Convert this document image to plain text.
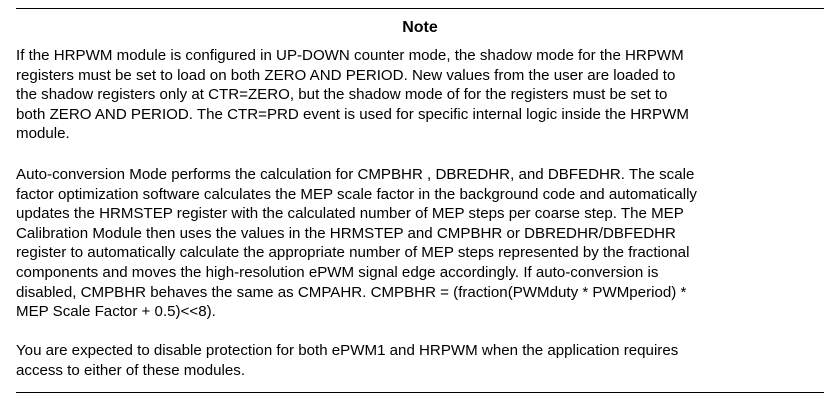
Note
If the HRPWM module is configured in UP-DOWN counter mode, the shadow mode for the HRPWM
registers must be set to load on both ZERO AND PERIOD. New values from the user are loaded to
the shadow registers only at CTR=ZERO, but the shadow mode of for the registers must be set to
both ZERO AND PERIOD. The CTR=PRD event is used for specific internal logic inside the HRPWM
module.
Auto-conversion Mode performs the calculation for CMPBHR , DBREDHR, and DBFEDHR. The scale
factor optimization software calculates the MEP scale factor in the background code and automatically
updates the HRMSTEP register with the calculated number of MEP steps per coarse step. The MEP
Calibration Module then uses the values in the HRMSTEP and CMPBHR or DBREDHR/DBFEDHR
register to automatically calculate the appropriate number of MEP steps represented by the fractional
components and moves the high-resolution ePWM signal edge accordingly. If auto-conversion is
disabled, CMPBHR behaves the same as CMPAHR. CMPBHR = (fraction(PWMduty * PWMperiod) *
MEP Scale Factor + 0.5)<<8).
You are expected to disable protection for both ePWM1 and HRPWM when the application requires
access to either of these modules.
